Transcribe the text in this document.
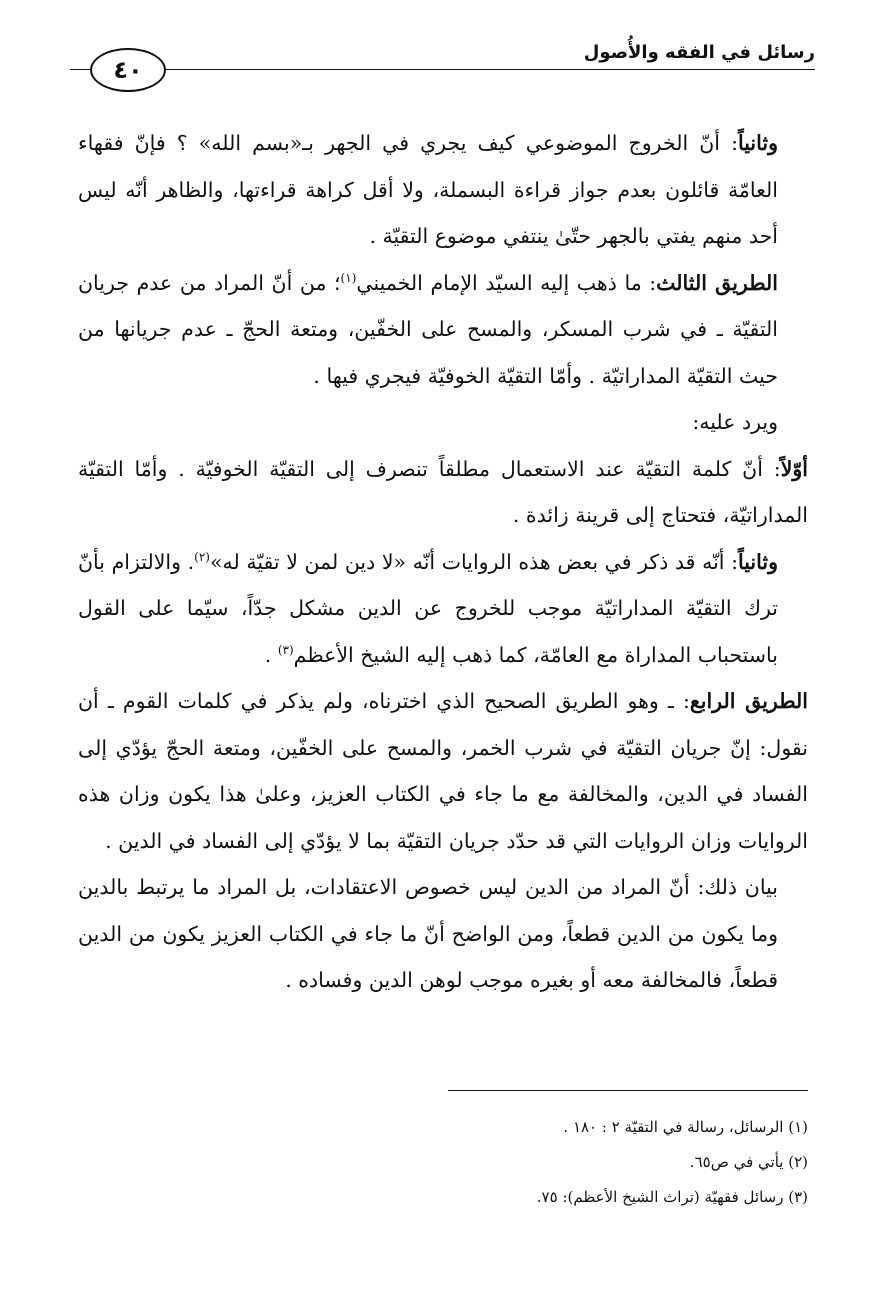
رسائل في الفقه والأُصول
٤٠

وثانياً: أنّ الخروج الموضوعي كيف يجري في الجهر بـ«بسم الله» ؟ فإنّ فقهاء العامّة قائلون بعدم جواز قراءة البسملة، ولا أقل كراهة قراءتها، والظاهر أنّه ليس أحد منهم يفتي بالجهر حتّىٰ ينتفي موضوع التقيّة .

الطريق الثالث: ما ذهب إليه السيّد الإمام الخميني$^{(١)}$؛ من أنّ المراد من عدم جريان التقيّة ـ في شرب المسكر، والمسح على الخفّين، ومتعة الحجّ ـ عدم جريانها من حيث التقيّة المداراتيّة . وأمّا التقيّة الخوفيّة فيجري فيها .

ويرد عليه:

أوّلاً: أنّ كلمة التقيّة عند الاستعمال مطلقاً تنصرف إلى التقيّة الخوفيّة . وأمّا التقيّة المداراتيّة، فتحتاج إلى قرينة زائدة .

وثانياً: أنّه قد ذكر في بعض هذه الروايات أنّه «لا دين لمن لا تقيّة له»$^{(٢)}$. والالتزام بأنّ ترك التقيّة المداراتيّة موجب للخروج عن الدين مشكل جدّاً، سيّما على القول باستحباب المداراة مع العامّة، كما ذهب إليه الشيخ الأعظم$^{(٣)}$ .

الطريق الرابع: ـ وهو الطريق الصحيح الذي اخترناه، ولم يذكر في كلمات القوم ـ أن نقول: إنّ جريان التقيّة في شرب الخمر، والمسح على الخفّين، ومتعة الحجّ يؤدّي إلى الفساد في الدين، والمخالفة مع ما جاء في الكتاب العزيز، وعلىٰ هذا يكون وزان هذه الروايات وزان الروايات التي قد حدّد جريان التقيّة بما لا يؤدّي إلى الفساد في الدين .

بيان ذلك: أنّ المراد من الدين ليس خصوص الاعتقادات، بل المراد ما يرتبط بالدين وما يكون من الدين قطعاً، ومن الواضح أنّ ما جاء في الكتاب العزيز يكون من الدين قطعاً، فالمخالفة معه أو بغيره موجب لوهن الدين وفساده .

(١) الرسائل، رسالة في التقيّة ٢ : ١٨٠ .

(٢) يأتي في ص٦٥.

(٣) رسائل فقهيّة (تراث الشيخ الأعظم): ٧٥.
